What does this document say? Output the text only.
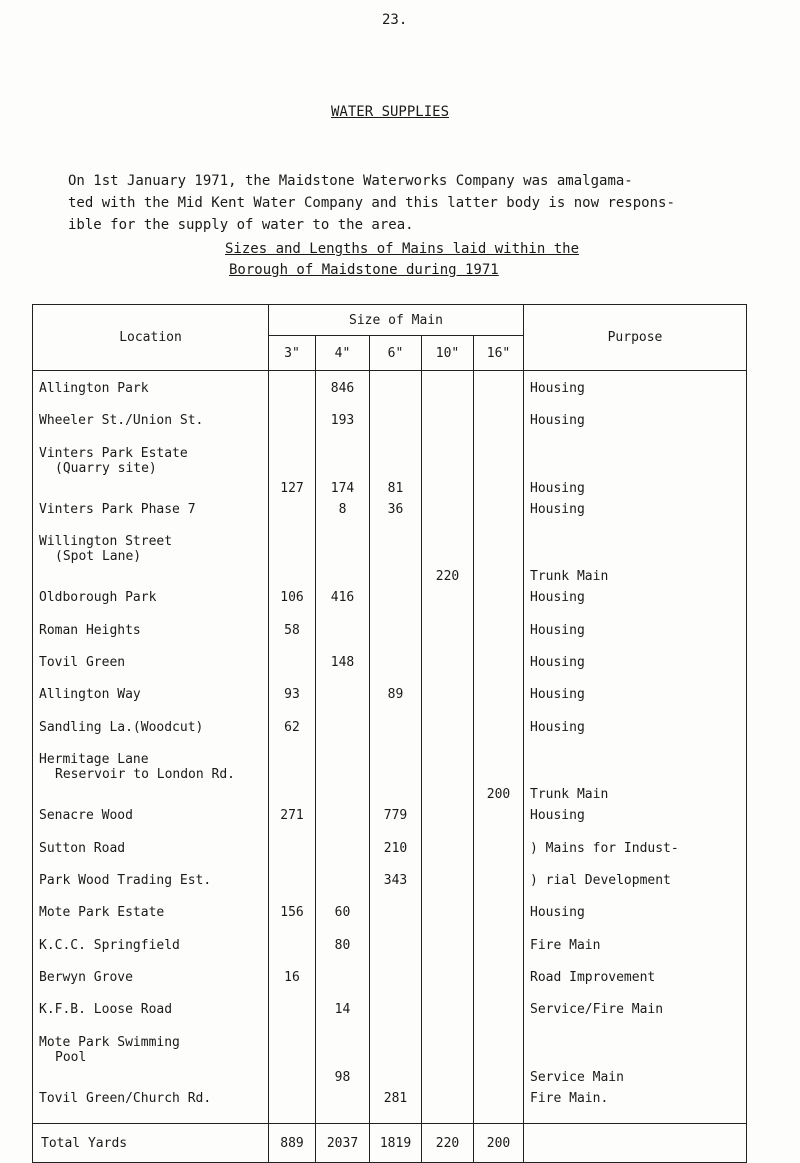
23.
WATER SUPPLIES
On 1st January 1971, the Maidstone Waterworks Company was amalgama-
ted with the Mid Kent Water Company and this latter body is now respons-
ible for the supply of water to the area.
Sizes and Lengths of Mains laid within the
Borough of Maidstone during 1971
Location	Size of Main					Purpose
	3"	4"	6"	10"	16"	
Allington Park		846				Housing
Wheeler St./Union St.		193				Housing
Vinters Park Estate
(Quarry site)	127	174	81			Housing
Vinters Park Phase 7		8	36			Housing
Willington Street
(Spot Lane)				220		Trunk Main
Oldborough Park	106	416				Housing
Roman Heights	58					Housing
Tovil Green		148				Housing
Allington Way	93		89			Housing
Sandling La.(Woodcut)	62					Housing
Hermitage Lane
Reservoir to London Rd.					200	Trunk Main
Senacre Wood	271		779			Housing
Sutton Road			210			) Mains for Indust-
Park Wood Trading Est.			343			) rial Development
Mote Park Estate	156	60				Housing
K.C.C. Springfield		80				Fire Main
Berwyn Grove	16					Road Improvement
K.F.B. Loose Road		14				Service/Fire Main
Mote Park Swimming
Pool		98				Service Main
Tovil Green/Church Rd.			281			Fire Main.
Total Yards	889	2037	1819	220	200	
